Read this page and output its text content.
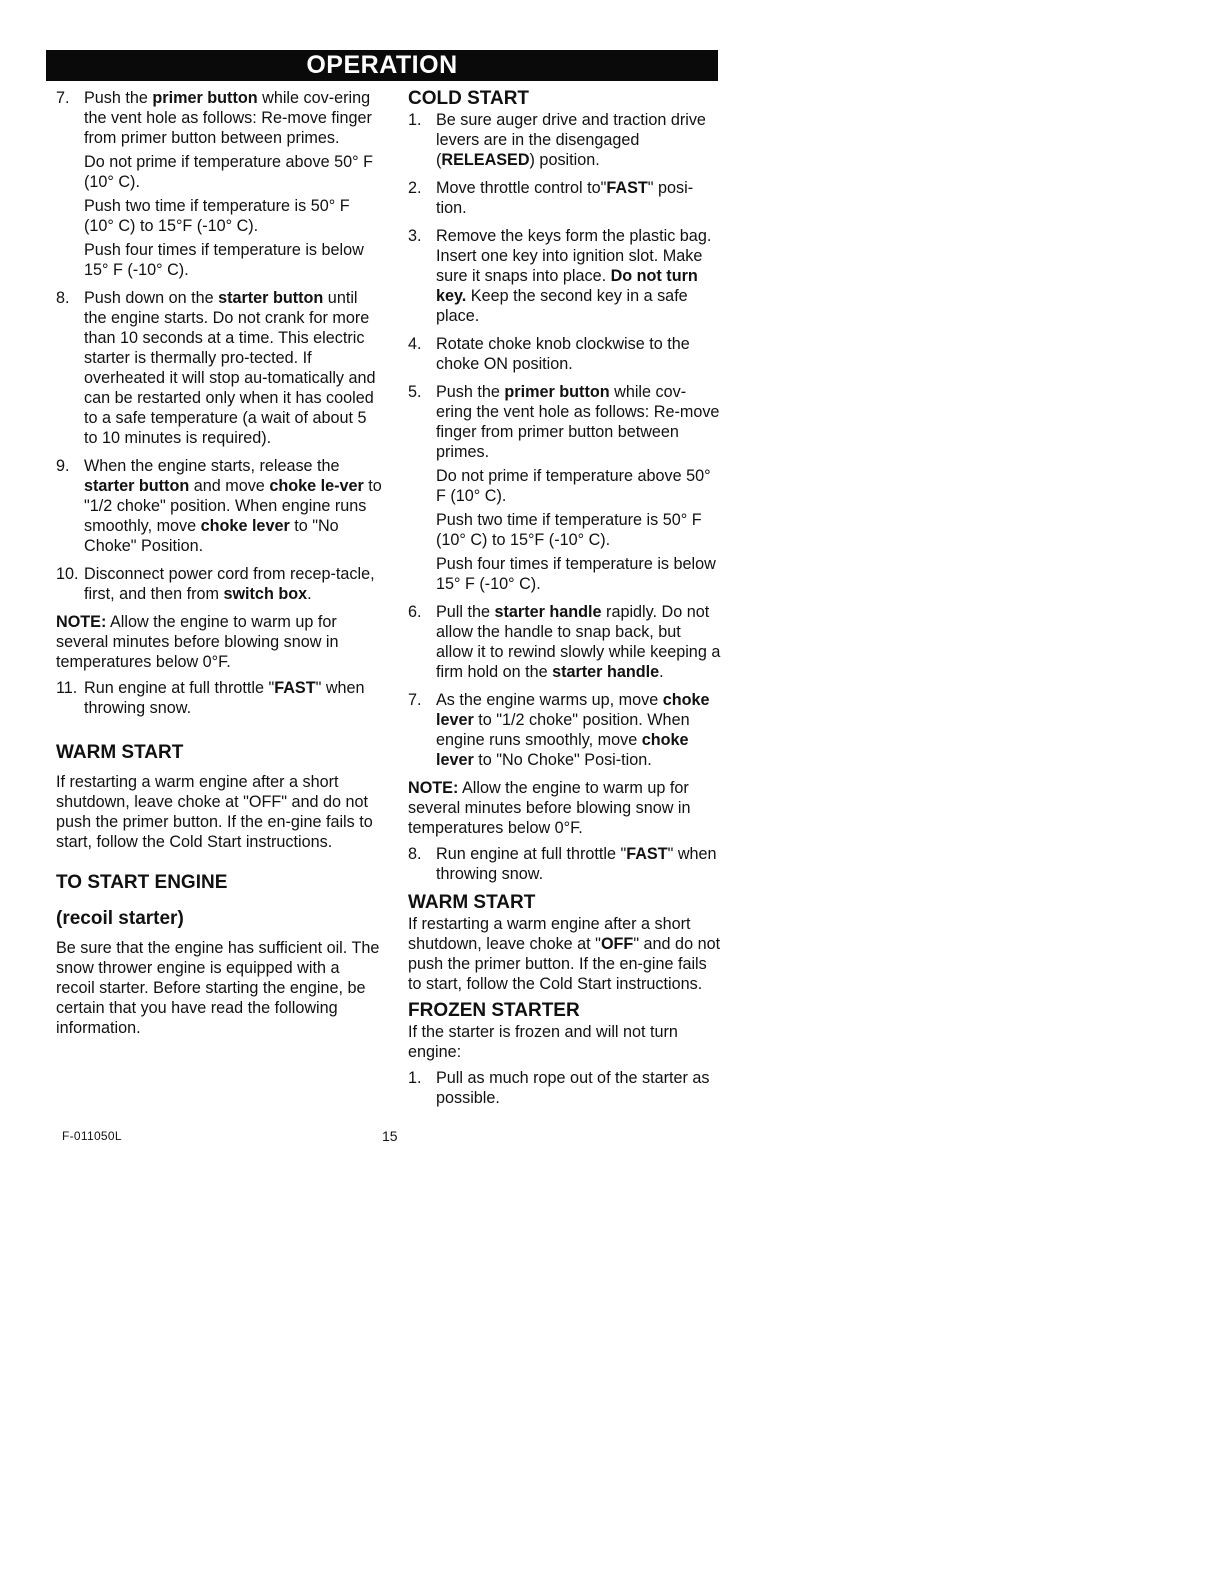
OPERATION
7. Push the primer button while cov-ering the vent hole as follows: Re-move finger from primer button between primes.

Do not prime if temperature above 50° F (10° C).

Push two time if temperature is 50° F (10° C) to 15°F (-10° C).

Push four times if temperature is below 15° F (-10° C).

8. Push down on the starter button until the engine starts. Do not crank for more than 10 seconds at a time. This electric starter is thermally pro-tected. If overheated it will stop au-tomatically and can be restarted only when it has cooled to a safe temperature (a wait of about 5 to 10 minutes is required).

9. When the engine starts, release the starter button and move choke le-ver to "1/2 choke" position. When engine runs smoothly, move choke lever to "No Choke" Position.

10. Disconnect power cord from recep-tacle, first, and then from switch box.

NOTE: Allow the engine to warm up for several minutes before blowing snow in temperatures below 0°F.

11. Run engine at full throttle "FAST" when throwing snow.

WARM START

If restarting a warm engine after a short shutdown, leave choke at "OFF" and do not push the primer button. If the en-gine fails to start, follow the Cold Start instructions.

TO START ENGINE
(recoil starter)

Be sure that the engine has sufficient oil. The snow thrower engine is equipped with a recoil starter. Before starting the engine, be certain that you have read the following information.

COLD START
1. Be sure auger drive and traction drive levers are in the disengaged (RELEASED) position.

2. Move throttle control to"FAST" posi-tion.

3. Remove the keys form the plastic bag. Insert one key into ignition slot. Make sure it snaps into place. Do not turn key. Keep the second key in a safe place.

4. Rotate choke knob clockwise to the choke ON position.

5. Push the primer button while cov-ering the vent hole as follows: Re-move finger from primer button between primes.

Do not prime if temperature above 50° F (10° C).

Push two time if temperature is 50° F (10° C) to 15°F (-10° C).

Push four times if temperature is below 15° F (-10° C).

6. Pull the starter handle rapidly. Do not allow the handle to snap back, but allow it to rewind slowly while keeping a firm hold on the starter handle.

7. As the engine warms up, move choke lever to "1/2 choke" position. When engine runs smoothly, move choke lever to "No Choke" Posi-tion.

NOTE: Allow the engine to warm up for several minutes before blowing snow in temperatures below 0°F.

8. Run engine at full throttle "FAST" when throwing snow.

WARM START

If restarting a warm engine after a short shutdown, leave choke at "OFF" and do not push the primer button. If the en-gine fails to start, follow the Cold Start instructions.

FROZEN STARTER

If the starter is frozen and will not turn engine:

1. Pull as much rope out of the starter as possible.

F-011050L	15
